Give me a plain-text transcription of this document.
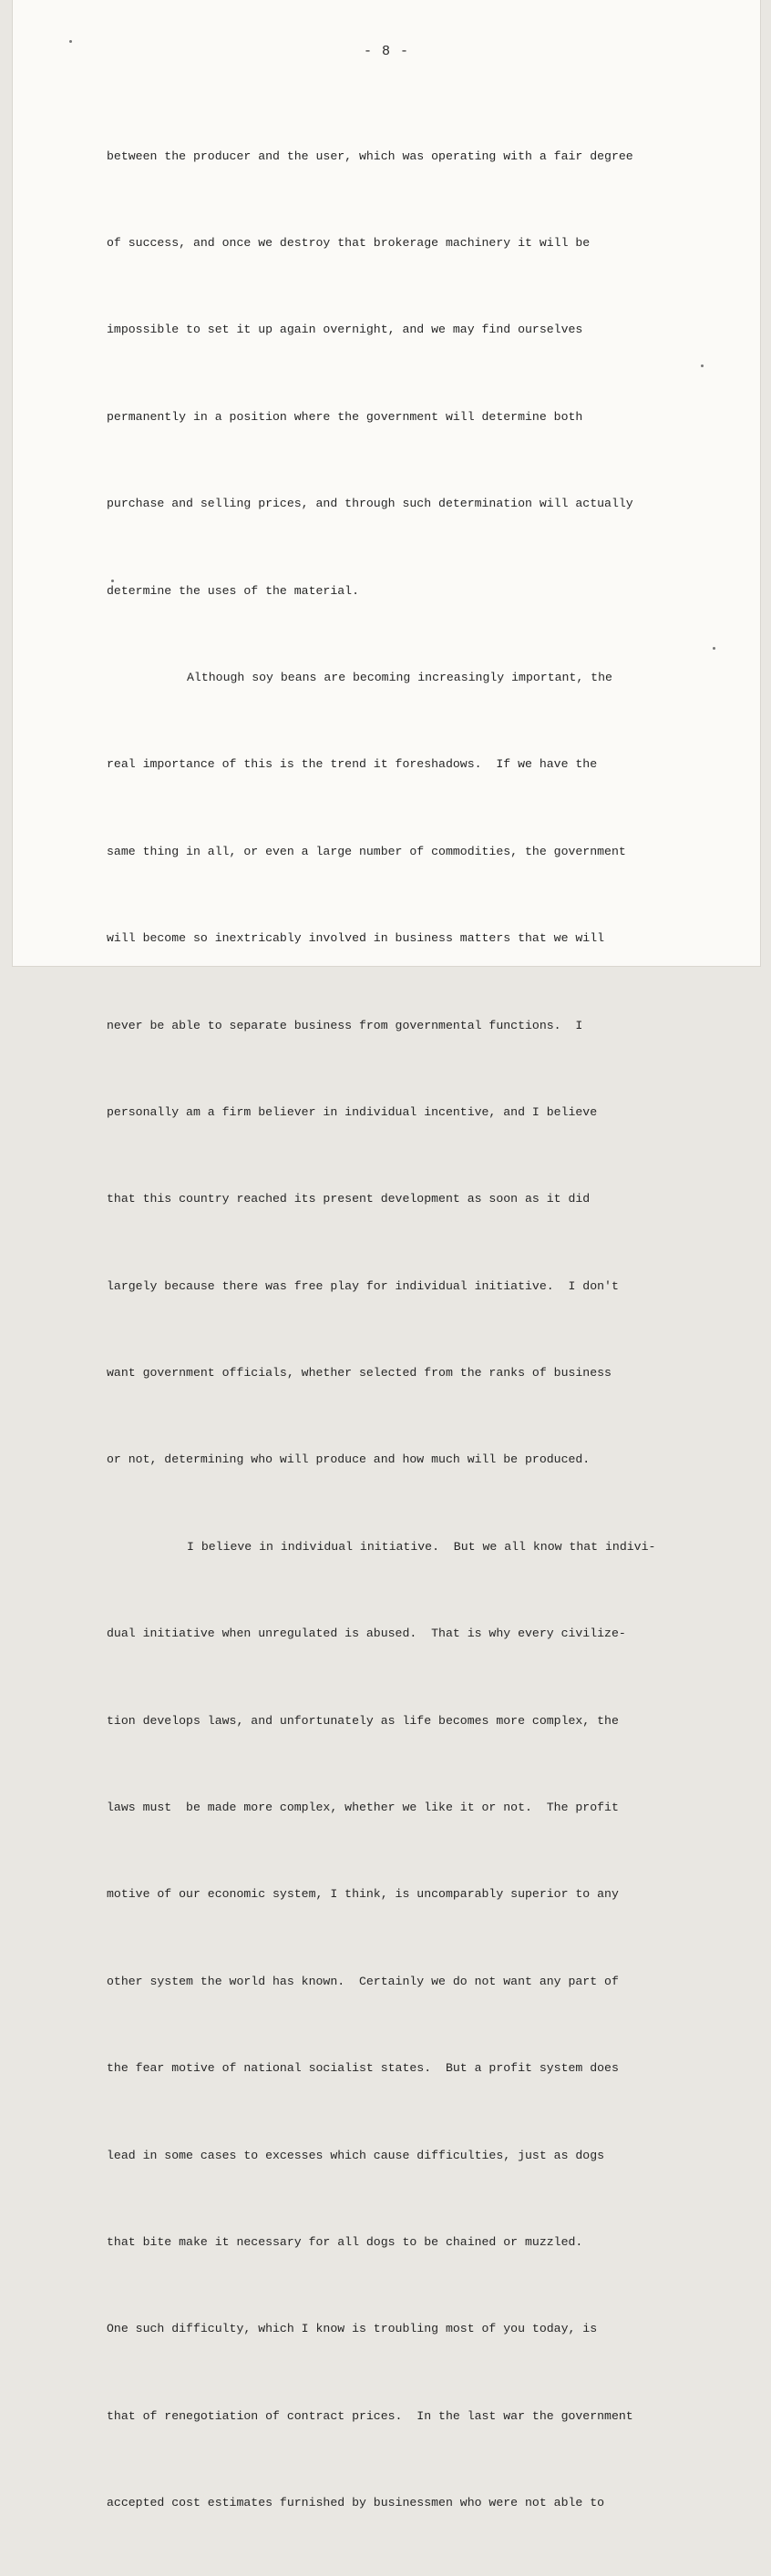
- 8 -

between the producer and the user, which was operating with a fair degree

of success, and once we destroy that brokerage machinery it will be

impossible to set it up again overnight, and we may find ourselves

permanently in a position where the government will determine both

purchase and selling prices, and through such determination will actually

determine the uses of the material.

Although soy beans are becoming increasingly important, the

real importance of this is the trend it foreshadows.  If we have the

same thing in all, or even a large number of commodities, the government

will become so inextricably involved in business matters that we will

never be able to separate business from governmental functions.  I

personally am a firm believer in individual incentive, and I believe

that this country reached its present development as soon as it did

largely because there was free play for individual initiative.  I don't

want government officials, whether selected from the ranks of business

or not, determining who will produce and how much will be produced.

I believe in individual initiative.  But we all know that indivi-

dual initiative when unregulated is abused.  That is why every civilize-

tion develops laws, and unfortunately as life becomes more complex, the

laws must  be made more complex, whether we like it or not.  The profit

motive of our economic system, I think, is uncomparably superior to any

other system the world has known.  Certainly we do not want any part of

the fear motive of national socialist states.  But a profit system does

lead in some cases to excesses which cause difficulties, just as dogs

that bite make it necessary for all dogs to be chained or muzzled.

One such difficulty, which I know is troubling most of you today, is

that of renegotiation of contract prices.  In the last war the government

accepted cost estimates furnished by businessmen who were not able to
